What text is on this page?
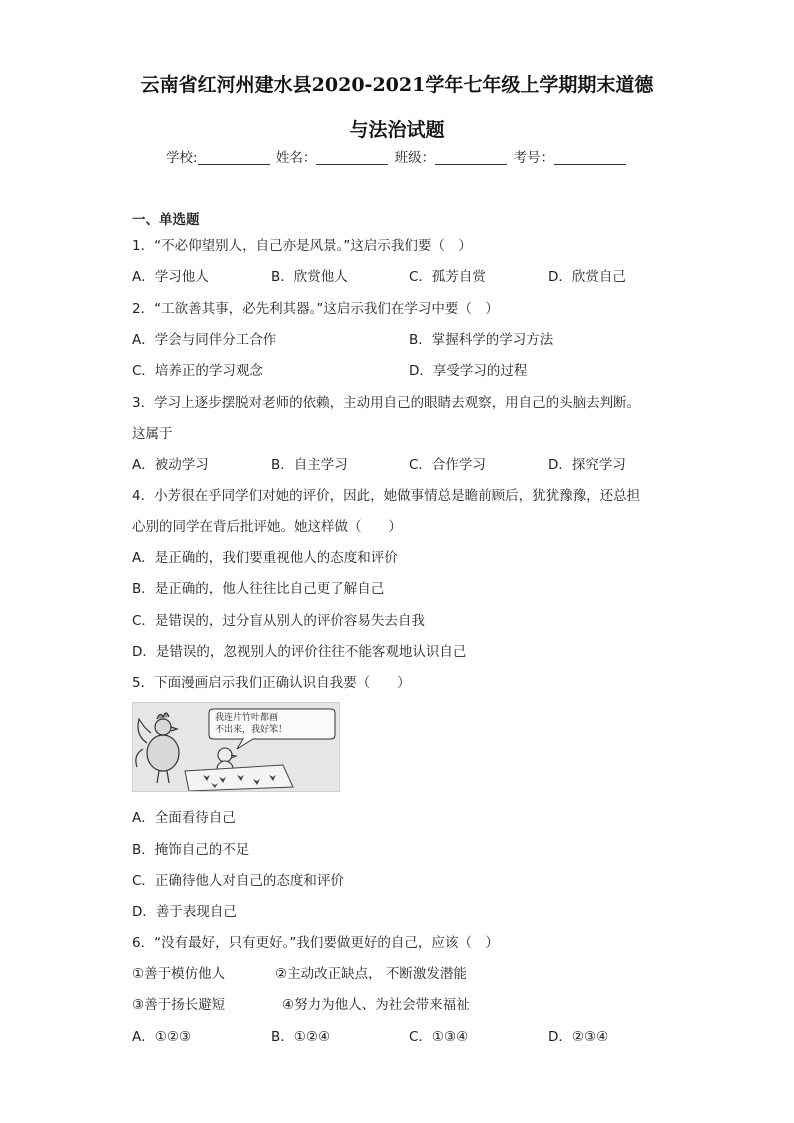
云南省红河州建水县2020-2021学年七年级上学期期末道德
与法治试题
学校:	姓名：	班级：	考号：
一、单选题
1．“不必仰望别人，自己亦是风景。”这启示我们要（　）
A．学习他人	B．欣赏他人	C．孤芳自赏	D．欣赏自己
2．“工欲善其事，必先利其器。”这启示我们在学习中要（　）
A．学会与同伴分工合作	B．掌握科学的学习方法
C．培养正的学习观念	D．享受学习的过程
3．学习上逐步摆脱对老师的依赖，主动用自己的眼睛去观察，用自己的头脑去判断。
这属于
A．被动学习	B．自主学习	C．合作学习	D．探究学习
4．小芳很在乎同学们对她的评价，因此，她做事情总是瞻前顾后，犹犹豫豫，还总担
心别的同学在背后批评她。她这样做（　　）
A．是正确的，我们要重视他人的态度和评价
B．是正确的，他人往往比自己更了解自己
C．是错误的，过分盲从别人的评价容易失去自我
D．是错误的，忽视别人的评价往往不能客观地认识自己
5．下面漫画启示我们正确认识自我要（　　）
我连片竹叶都画
不出来，我好笨！
A．全面看待自己
B．掩饰自己的不足
C．正确待他人对自己的态度和评价
D．善于表现自己
6．“没有最好，只有更好。”我们要做更好的自己，应该（　）
①善于模仿他人	②主动改正缺点， 不断激发潜能
③善于扬长避短	④努力为他人、为社会带来福祉
A．①②③	B．①②④	C．①③④	D．②③④
